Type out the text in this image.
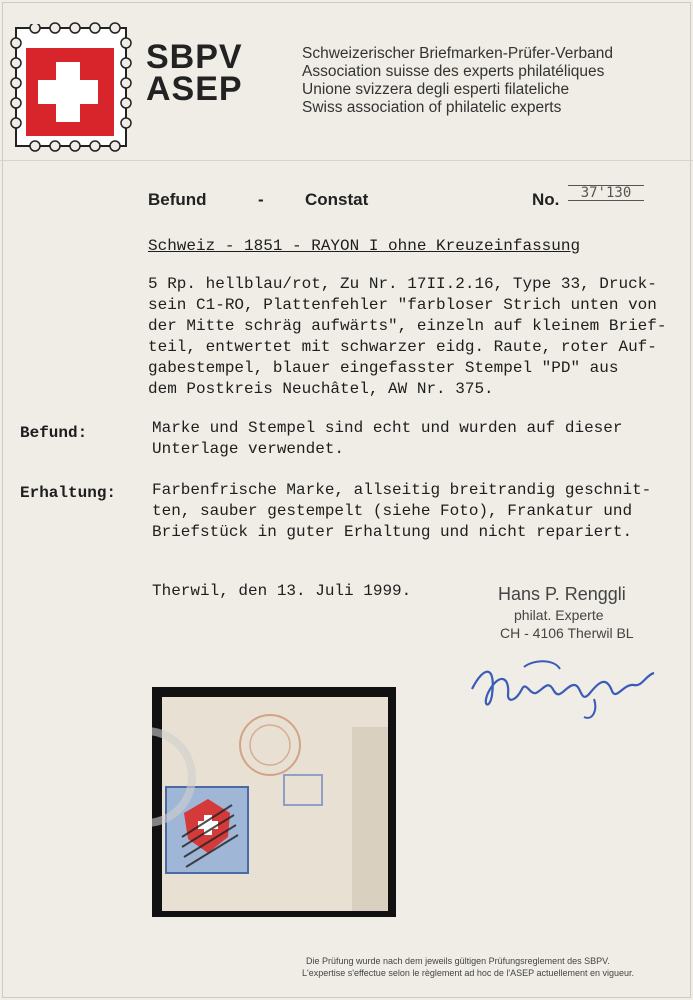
SBPV
ASEP
Schweizerischer Briefmarken-Prüfer-Verband
Association suisse des experts philatéliques
Unione svizzera degli esperti filateliche
Swiss association of philatelic experts
Befund	- Constat	No.	37'130
Schweiz - 1851 - RAYON I ohne Kreuzeinfassung
5 Rp. hellblau/rot, Zu Nr. 17II.2.16, Type 33, Druck-
sein C1-RO, Plattenfehler "farbloser Strich unten von
der Mitte schräg aufwärts", einzeln auf kleinem Brief-
teil, entwertet mit schwarzer eidg. Raute, roter Auf-
gabestempel, blauer eingefasster Stempel "PD" aus
dem Postkreis Neuchâtel, AW Nr. 375.
Befund:	Marke und Stempel sind echt und wurden auf dieser
Unterlage verwendet.
Erhaltung: Farbenfrische Marke, allseitig breitrandig geschnit-
ten, sauber gestempelt (siehe Foto), Frankatur und
Briefstück in guter Erhaltung und nicht repariert.
Therwil, den 13. Juli 1999.	Hans P. Renggli
philat. Experte
CH - 4106 Therwil BL
Die Prüfung wurde nach dem jeweils gültigen Prüfungsreglement des SBPV.
L'expertise s'effectue selon le règlement ad hoc de l'ASEP actuellement en vigueur.
